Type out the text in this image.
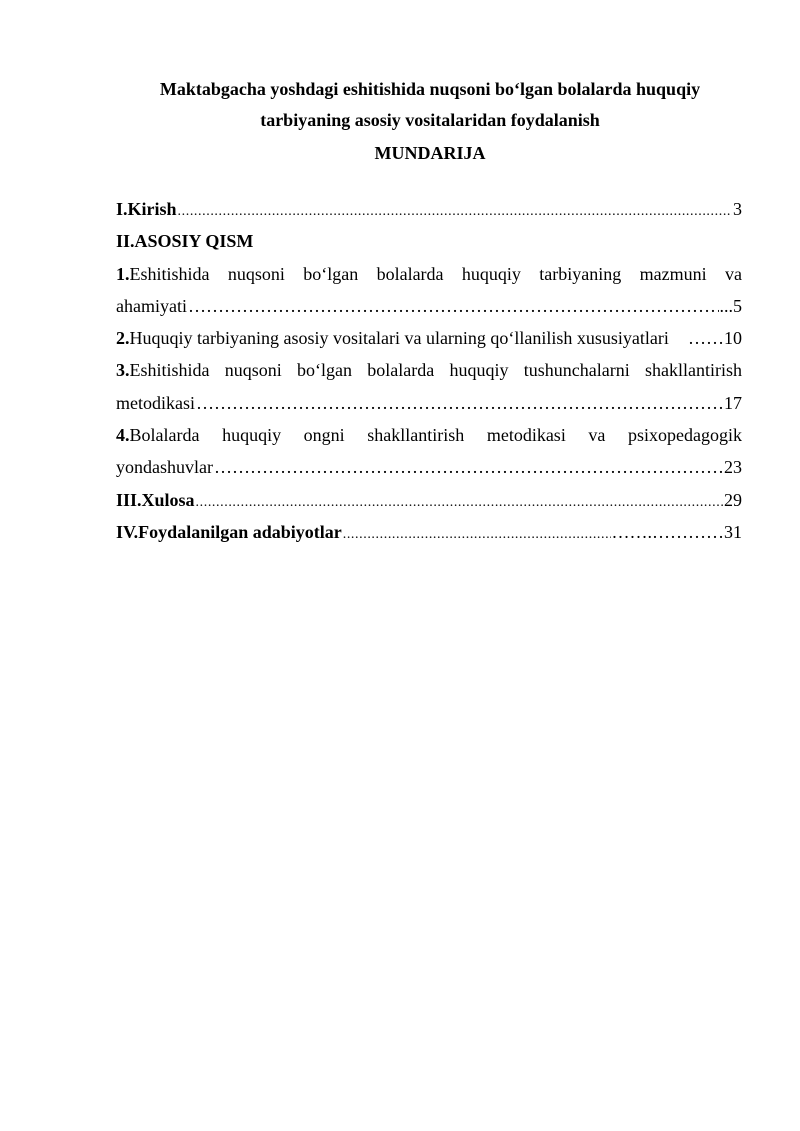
Maktabgacha yoshdagi eshitishida nuqsoni bo‘lgan bolalarda huquqiy
tarbiyaning asosiy vositalaridan foydalanish
MUNDARIJA
I.Kirish .....	3
II.ASOSIY QISM
1.Eshitishida nuqsoni bo‘lgan bolalarda huquqiy tarbiyaning mazmuni va
ahamiyati ………………………………………………………………………………………………………………………………………………	...5
2.Huquqiy tarbiyaning asosiy vositalari va ularning qo‘llanilish xususiyatlari ……10
3.Eshitishida nuqsoni bo‘lgan bolalarda huquqiy tushunchalarni shakllantirish
metodikasi ………………………………………………………………………………………………………………………………………………	17
4.Bolalarda huquqiy ongni shakllantirish metodikasi va psixopedagogik
yondashuvlar ………………………………………………………………………………………………………………………………………………	23
III.Xulosa .....	29
IV.Foydalanilgan adabiyotlar .....	…….…………31
